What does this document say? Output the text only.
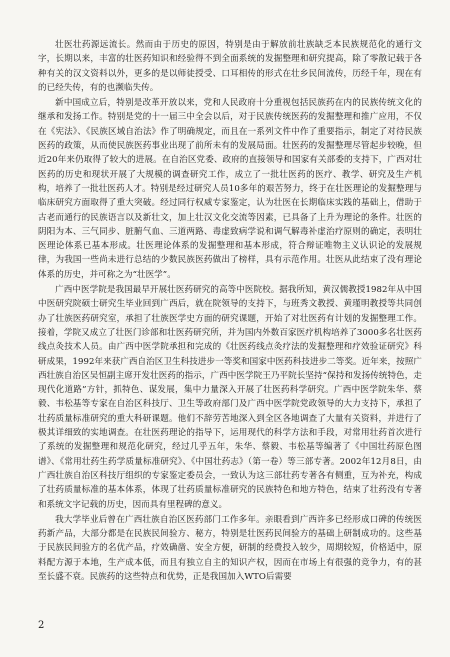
壮医壮药源远流长。然而由于历史的原因，特别是由于解放前壮族缺乏本民族规范化的通行文字，长期以来，丰富的壮医药知识和经验得不到全面系统的发掘整理和研究提高，除了零散记载于各种有关的汉文资料以外，更多的是以师徒授受、口耳相传的形式在壮乡民间流传，历经千年，现在有的已经失传，有的也濒临失传。

新中国成立后，特别是改革开放以来，党和人民政府十分重视包括民族药在内的民族传统文化的继承和发扬工作。特别是党的十一届三中全会以后，对于民族传统医药的发掘整理和推广应用，不仅在《宪法》、《民族区域自治法》作了明确规定，而且在一系列文件中作了重要指示，制定了对待民族医药的政策，从而使民族医药事业出现了前所未有的发展局面。壮医药的发掘整理尽管起步较晚，但近20年来仍取得了较大的进展。在自治区党委、政府的直接领导和国家有关部委的支持下，广西对壮医药的历史和现状开展了大规模的调查研究工作，成立了一批壮医药的医疗、教学、研究及生产机构，培养了一批壮医药人才。特别是经过研究人员10多年的艰苦努力，终于在壮医理论的发掘整理与临床研究方面取得了重大突破。经过同行权威专家鉴定，认为壮医在长期临床实践的基础上，借助于古老而通行的民族语言以及新壮文，加上壮汉文化交流等因素，已具备了上升为理论的条件。壮医的阴阳为本、三气同步、脏腑气血、三道两路、毒虚致病学说和调气解毒补虚治疗原则的确定，表明壮医理论体系已基本形成。壮医理论体系的发掘整理和基本形成，符合辩证唯物主义认识论的发展规律，为我国一些尚未进行总结的少数民族医药做出了榜样，具有示范作用。壮医从此结束了没有理论体系的历史，并可称之为“壮医学”。

广西中医学院是我国最早开展壮医药研究的高等中医院校。据我所知，黄汉儒教授1982年从中国中医研究院硕士研究生毕业回到广西后，就在院领导的支持下，与班秀文教授、黄瑾明教授等共同创办了壮族医药研究室，承担了壮族医学史方面的研究课题，开始了对壮医药有计划的发掘整理工作。接着，学院又成立了壮医门诊部和壮医药研究所，并为国内外数百家医疗机构培养了3000多名壮医药线点灸技术人员。由广西中医学院承担和完成的《壮医药线点灸疗法的发掘整理和疗效验证研究》科研成果，1992年来获广西自治区卫生科技进步一等奖和国家中医药科技进步二等奖。近年来，按照广西壮族自治区吴恒副主席开发壮医药的指示，广西中医学院王乃平院长坚持“保持和发扬传统特色，走现代化道路”方针，抓特色、谋发展，集中力量深入开展了壮医药科学研究。广西中医学院朱华、蔡毅、韦松基等专家在自治区科技厅、卫生等政府部门及广西中医学院党政领导的大力支持下，承担了壮药质量标准研究的重大科研课题。他们不辞劳苦地深入到全区各地调查了大量有关资料，并进行了极其详细致的实地调查。在壮医药理论的指导下，运用现代的科学方法和手段，对常用壮药首次进行了系统的发掘整理和规范化研究，经过几乎五年，朱华、蔡毅、韦松基等编著了《中国壮药原色图谱》、《常用壮药生药学质量标准研究》、《中国壮药志》（第一卷）等三部专著。2002年12月8日，由广西壮族自治区科技厅组织的专家鉴定委员会，一致认为这三部壮药专著各有侧重，互为补充，构成了壮药质量标准的基本体系，体现了壮药质量标准研究的民族特色和地方特色，结束了壮药没有专著和系统文字记载的历史，因而具有里程碑的意义。

我大学毕业后曾在广西壮族自治区医药部门工作多年。亲眼看到广西许多已经形成口碑的传统医药新产品，大部分都是在民族民间验方、秘方，特别是壮医药民间验方的基础上研制成功的。这些基于民族民间验方的名优产品，疗效确凿、安全方便，研制的经费投入较少，周期较短，价格适中，原料配方源于本地，生产成本低，而且有独立自主的知识产权，因而在市场上有很强的竞争力，有的甚至长盛不衰。民族药的这些特点和优势，正是我国加入WTO后需要

2
